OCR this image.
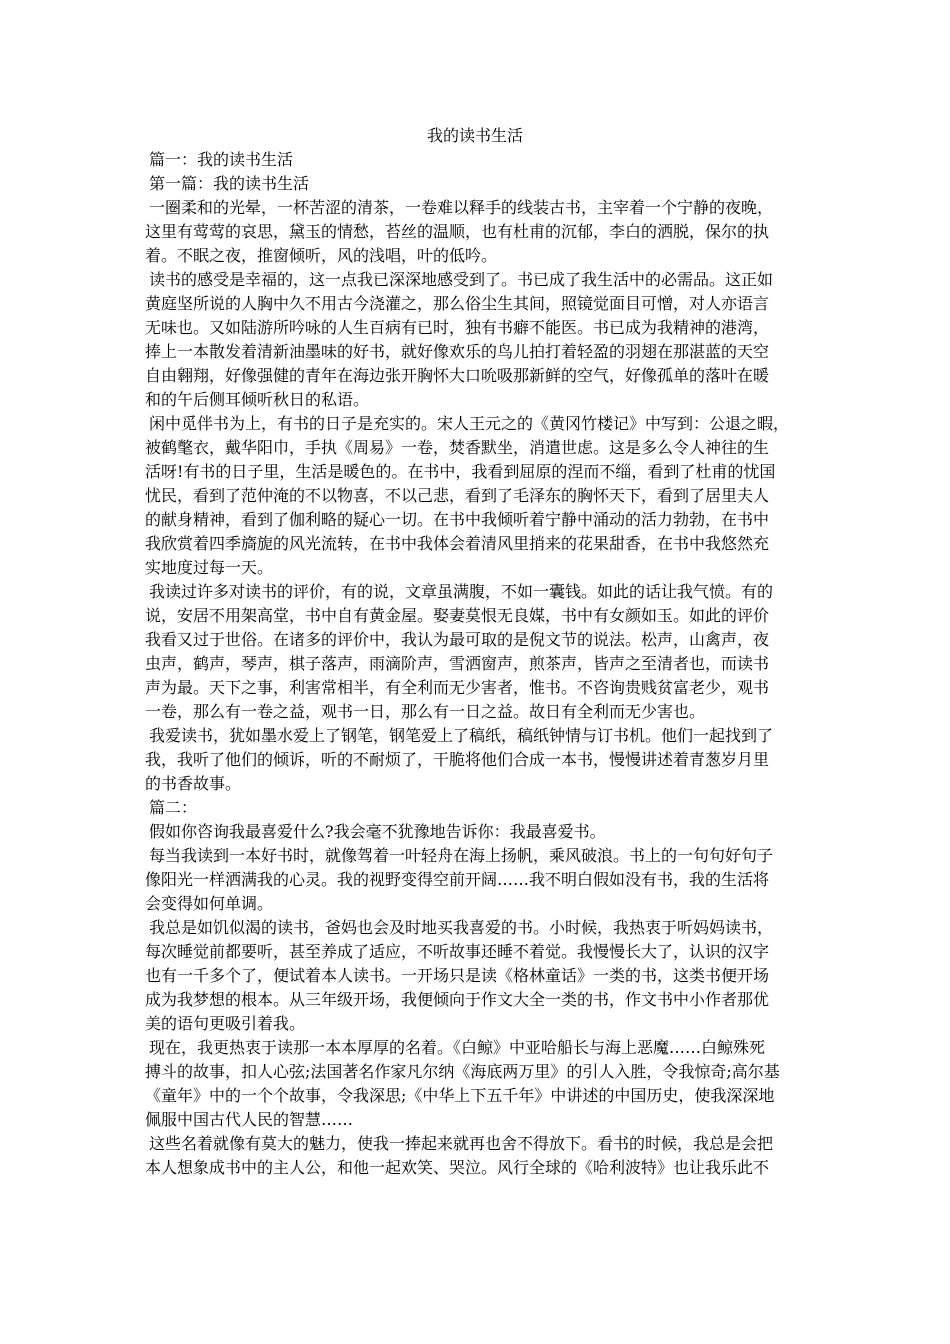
我的读书生活
篇一：我的读书生活
第一篇：我的读书生活
一圈柔和的光晕，一杯苦涩的清茶，一卷难以释手的线装古书，主宰着一个宁静的夜晚，
这里有莺莺的哀思，黛玉的情愁，苔丝的温顺，也有杜甫的沉郁，李白的洒脱，保尔的执
着。不眠之夜，推窗倾听，风的浅唱，叶的低吟。
读书的感受是幸福的，这一点我已深深地感受到了。书已成了我生活中的必需品。这正如
黄庭坚所说的人胸中久不用古今浇灌之，那么俗尘生其间，照镜觉面目可憎，对人亦语言
无味也。又如陆游所吟咏的人生百病有已时，独有书癖不能医。书已成为我精神的港湾，
捧上一本散发着清新油墨味的好书，就好像欢乐的鸟儿拍打着轻盈的羽翅在那湛蓝的天空
自由翱翔，好像强健的青年在海边张开胸怀大口吮吸那新鲜的空气，好像孤单的落叶在暖
和的午后侧耳倾听秋日的私语。
闲中觅伴书为上，有书的日子是充实的。宋人王元之的《黄冈竹楼记》中写到：公退之暇，
被鹤氅衣，戴华阳巾，手执《周易》一卷，焚香默坐，消遣世虑。这是多么令人神往的生
活呀!有书的日子里，生活是暖色的。在书中，我看到屈原的涅而不缁，看到了杜甫的忧国
忧民，看到了范仲淹的不以物喜，不以己悲，看到了毛泽东的胸怀天下，看到了居里夫人
的献身精神，看到了伽利略的疑心一切。在书中我倾听着宁静中涌动的活力勃勃，在书中
我欣赏着四季旖旎的风光流转，在书中我体会着清风里捎来的花果甜香，在书中我悠然充
实地度过每一天。
我读过许多对读书的评价，有的说，文章虽满腹，不如一囊钱。如此的话让我气愤。有的
说，安居不用架高堂，书中自有黄金屋。娶妻莫恨无良媒，书中有女颜如玉。如此的评价
我看又过于世俗。在诸多的评价中，我认为最可取的是倪文节的说法。松声，山禽声，夜
虫声，鹤声，琴声，棋子落声，雨滴阶声，雪洒窗声，煎茶声，皆声之至清者也，而读书
声为最。天下之事，利害常相半，有全利而无少害者，惟书。不咨询贵贱贫富老少，观书
一卷，那么有一卷之益，观书一日，那么有一日之益。故日有全利而无少害也。
我爱读书，犹如墨水爱上了钢笔，钢笔爱上了稿纸，稿纸钟情与订书机。他们一起找到了
我，我听了他们的倾诉，听的不耐烦了，干脆将他们合成一本书，慢慢讲述着青葱岁月里
的书香故事。
篇二：
假如你咨询我最喜爱什么?我会毫不犹豫地告诉你：我最喜爱书。
每当我读到一本好书时，就像驾着一叶轻舟在海上扬帆，乘风破浪。书上的一句句好句子
像阳光一样洒满我的心灵。我的视野变得空前开阔……我不明白假如没有书，我的生活将
会变得如何单调。
我总是如饥似渴的读书，爸妈也会及时地买我喜爱的书。小时候，我热衷于听妈妈读书，
每次睡觉前都要听，甚至养成了适应，不听故事还睡不着觉。我慢慢长大了，认识的汉字
也有一千多个了，便试着本人读书。一开场只是读《格林童话》一类的书，这类书便开场
成为我梦想的根本。从三年级开场，我便倾向于作文大全一类的书，作文书中小作者那优
美的语句更吸引着我。
现在，我更热衷于读那一本本厚厚的名着。《白鲸》中亚哈船长与海上恶魔……白鲸殊死
搏斗的故事，扣人心弦;法国著名作家凡尔纳《海底两万里》的引人入胜，令我惊奇;高尔基
《童年》中的一个个故事，令我深思;《中华上下五千年》中讲述的中国历史，使我深深地
佩服中国古代人民的智慧……
这些名着就像有莫大的魅力，使我一捧起来就再也舍不得放下。看书的时候，我总是会把
本人想象成书中的主人公，和他一起欢笑、哭泣。风行全球的《哈利波特》也让我乐此不
